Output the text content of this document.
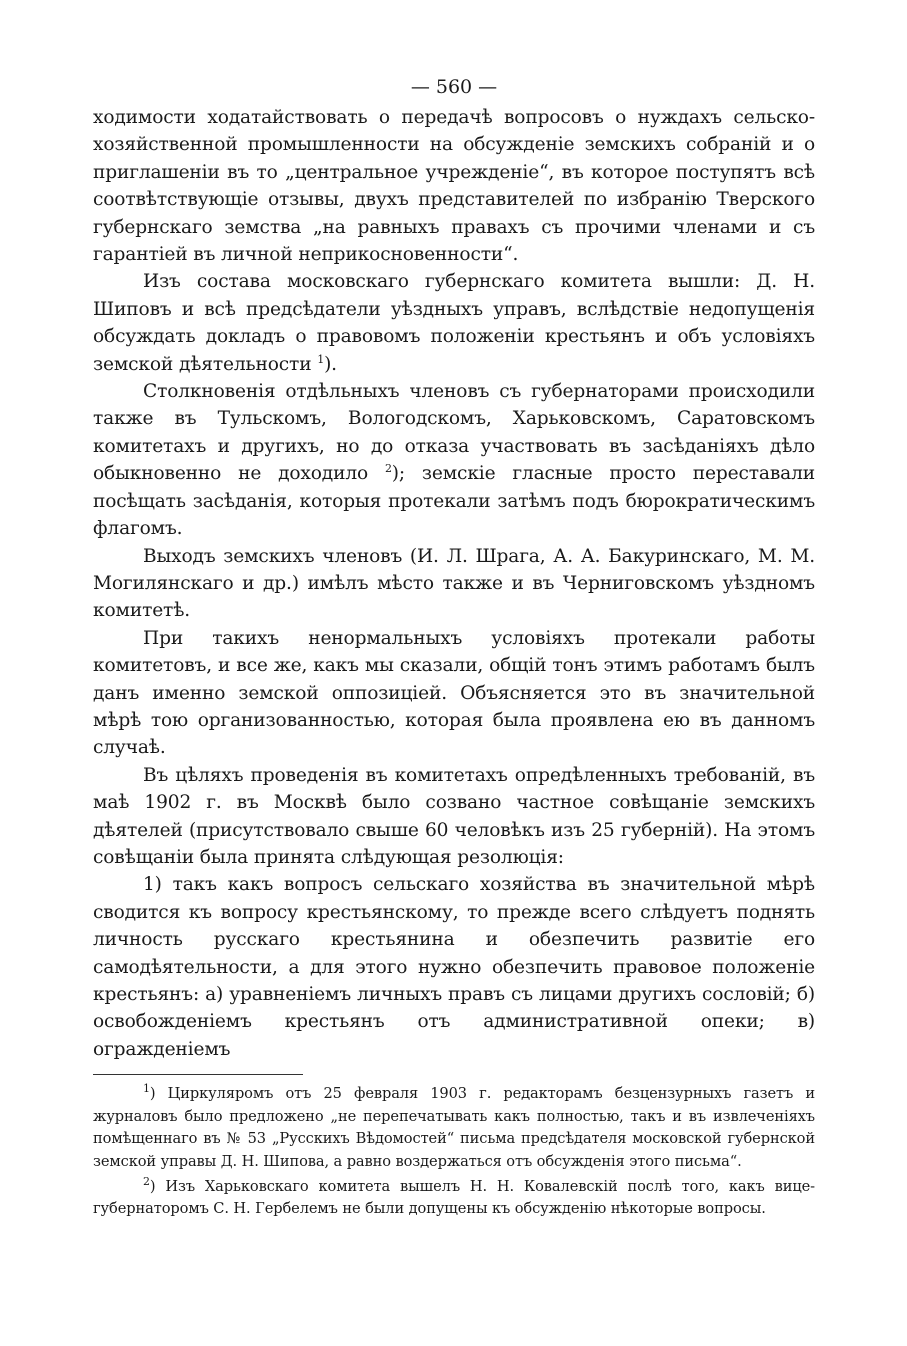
— 560 —

ходимости ходатайствовать о передачѣ вопросовъ о нуждахъ сельско-хозяйственной промышленности на обсужденіе земскихъ собраній и о приглашеніи въ то „центральное учрежденіе“, въ которое поступятъ всѣ соотвѣтствующіе отзывы, двухъ представителей по избранію Тверского губернскаго земства „на равныхъ правахъ съ прочими членами и съ гарантіей въ личной неприкосновенности“.

Изъ состава московскаго губернскаго комитета вышли: Д. Н. Шиповъ и всѣ предсѣдатели уѣздныхъ управъ, вслѣдствіе недопущенія обсуждать докладъ о правовомъ положеніи крестьянъ и объ условіяхъ земской дѣятельности $^1$).

Столкновенія отдѣльныхъ членовъ съ губернаторами происходили также въ Тульскомъ, Вологодскомъ, Харьковскомъ, Саратовскомъ комитетахъ и другихъ, но до отказа участвовать въ засѣданіяхъ дѣло обыкновенно не доходило $^2$); земскіе гласные просто переставали посѣщать засѣданія, которыя протекали затѣмъ подъ бюрократическимъ флагомъ.

Выходъ земскихъ членовъ (И. Л. Шрага, А. А. Бакуринскаго, М. М. Могилянскаго и др.) имѣлъ мѣсто также и въ Черниговскомъ уѣздномъ комитетѣ.

При такихъ ненормальныхъ условіяхъ протекали работы комитетовъ, и все же, какъ мы сказали, общій тонъ этимъ работамъ былъ данъ именно земской оппозиціей. Объясняется это въ значительной мѣрѣ тою организованностью, которая была проявлена ею въ данномъ случаѣ.

Въ цѣляхъ проведенія въ комитетахъ опредѣленныхъ требованій, въ маѣ 1902 г. въ Москвѣ было созвано частное совѣщаніе земскихъ дѣятелей (присутствовало свыше 60 человѣкъ изъ 25 губерній). На этомъ совѣщаніи была принята слѣдующая резолюція:

1) такъ какъ вопросъ сельскаго хозяйства въ значительной мѣрѣ сводится къ вопросу крестьянскому, то прежде всего слѣдуетъ поднять личность русскаго крестьянина и обезпечить развитіе его самодѣятельности, а для этого нужно обезпечить правовое положеніе крестьянъ: а) уравненіемъ личныхъ правъ съ лицами другихъ сословій; б) освобожденіемъ крестьянъ отъ административной опеки; в) огражденіемъ

$^1$) Циркуляромъ отъ 25 февраля 1903 г. редакторамъ безцензурныхъ газетъ и журналовъ было предложено „не перепечатывать какъ полностью, такъ и въ извлеченіяхъ помѣщеннаго въ № 53 „Русскихъ Вѣдомостей“ письма предсѣдателя московской губернской земской управы Д. Н. Шипова, а равно воздержаться отъ обсужденія этого письма“.

$^2$) Изъ Харьковскаго комитета вышелъ Н. Н. Ковалевскій послѣ того, какъ вице-губернаторомъ С. Н. Гербелемъ не были допущены къ обсужденію нѣкоторые вопросы.
